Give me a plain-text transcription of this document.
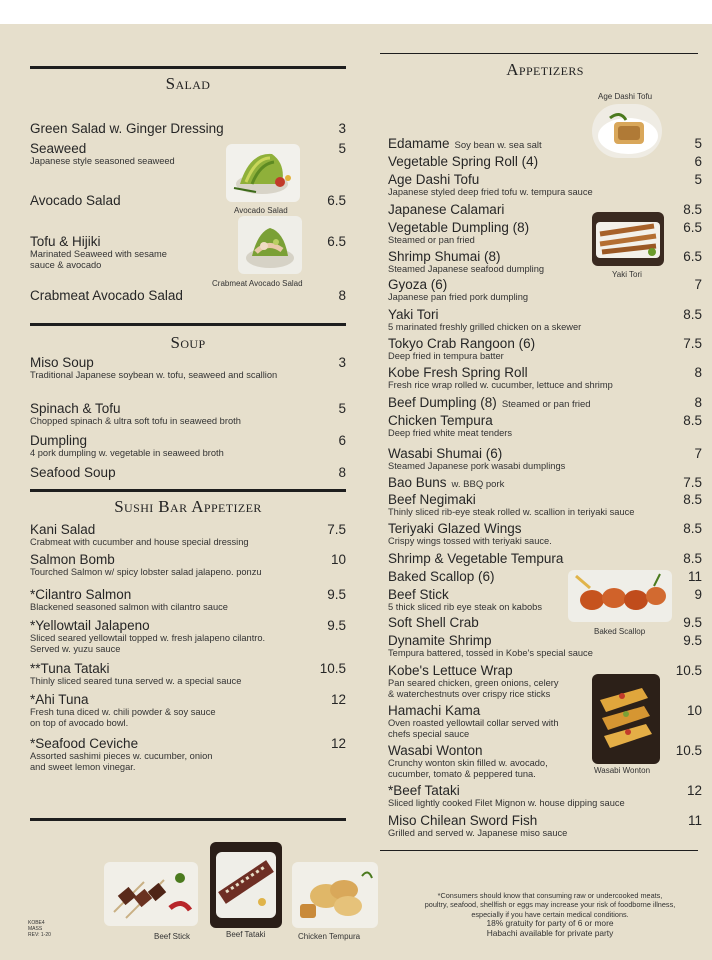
Salad
Green Salad w. Ginger Dressing	3
Seaweed
Japanese style seasoned seaweed
5
Avocado Salad	6.5
Tofu & Hijiki
Marinated Seaweed with sesame
sauce & avocado
6.5
Crabmeat Avocado Salad	8
Avocado Salad
Crabmeat Avocado Salad
Soup
Miso Soup
Traditional Japanese soybean w. tofu, seaweed and scallion
3
Spinach & Tofu
Chopped spinach & ultra soft tofu in seaweed broth
5
Dumpling
4 pork dumpling w. vegetable in seaweed broth
6
Seafood Soup	8
Sushi Bar Appetizer
Kani Salad
Crabmeat with cucumber and house special dressing
7.5
Salmon Bomb
Tourched Salmon w/ spicy lobster salad jalapeno. ponzu
10
*Cilantro Salmon
Blackened seasoned salmon with cilantro sauce
9.5
*Yellowtail Jalapeno
Sliced seared yellowtail topped w. fresh jalapeno cilantro.
Served w. yuzu sauce
9.5
**Tuna Tataki
Thinly sliced seared tuna served w. a special sauce
10.5
*Ahi Tuna
Fresh tuna diced w. chili powder & soy sauce
on top of avocado bowl.
12
*Seafood Ceviche
Assorted sashimi pieces w. cucumber, onion
and sweet lemon vinegar.
12
Appetizers
Age Dashi Tofu
Yaki Tori
Baked Scallop
Wasabi Wonton
Edamame Soy bean w. sea salt	5
Vegetable Spring Roll (4)	6
Age Dashi Tofu
Japanese styled deep fried tofu w. tempura sauce
5
Japanese Calamari	8.5
Vegetable Dumpling (8)
Steamed or pan fried
6.5
Shrimp Shumai (8)
Steamed Japanese seafood dumpling
6.5
Gyoza (6)
Japanese pan fried pork dumpling
7
Yaki Tori
5 marinated freshly grilled chicken on a skewer
8.5
Tokyo Crab Rangoon (6)
Deep fried in tempura batter
7.5
Kobe Fresh Spring Roll
Fresh rice wrap rolled w. cucumber, lettuce and shrimp
8
Beef Dumpling (8) Steamed or pan fried	8
Chicken Tempura
Deep fried white meat tenders
8.5
Wasabi Shumai (6)
Steamed Japanese pork wasabi dumplings
7
Bao Buns w. BBQ pork	7.5
Beef Negimaki
Thinly sliced rib-eye steak rolled w. scallion in teriyaki sauce
8.5
Teriyaki Glazed Wings
Crispy wings tossed with teriyaki sauce.
8.5
Shrimp & Vegetable Tempura	8.5
Baked Scallop (6)	11
Beef Stick
5 thick sliced rib eye steak on kabobs
9
Soft Shell Crab	9.5
Dynamite Shrimp
Tempura battered, tossed in Kobe's special sauce
9.5
Kobe's Lettuce Wrap
Pan seared chicken, green onions, celery
& waterchestnuts over crispy rice sticks
10.5
Hamachi Kama
Oven roasted yellowtail collar served with
chefs special sauce
10
Wasabi Wonton
Crunchy wonton skin filled w. avocado,
cucumber, tomato & peppered tuna.
10.5
*Beef Tataki
Sliced lightly cooked Filet Mignon w. house dipping sauce
12
Miso Chilean Sword Fish
Grilled and served w. Japanese miso sauce
11
Beef Stick	Beef Tataki	Chicken Tempura
*Consumers should know that consuming raw or undercooked meats,
poultry, seafood, shellfish or eggs may increase your risk of foodborne illness,
especially if you have certain medical conditions.
18% gratuity for party of 6 or more
Habachi available for private party
KOBE4
MASS
REV: 1-20
